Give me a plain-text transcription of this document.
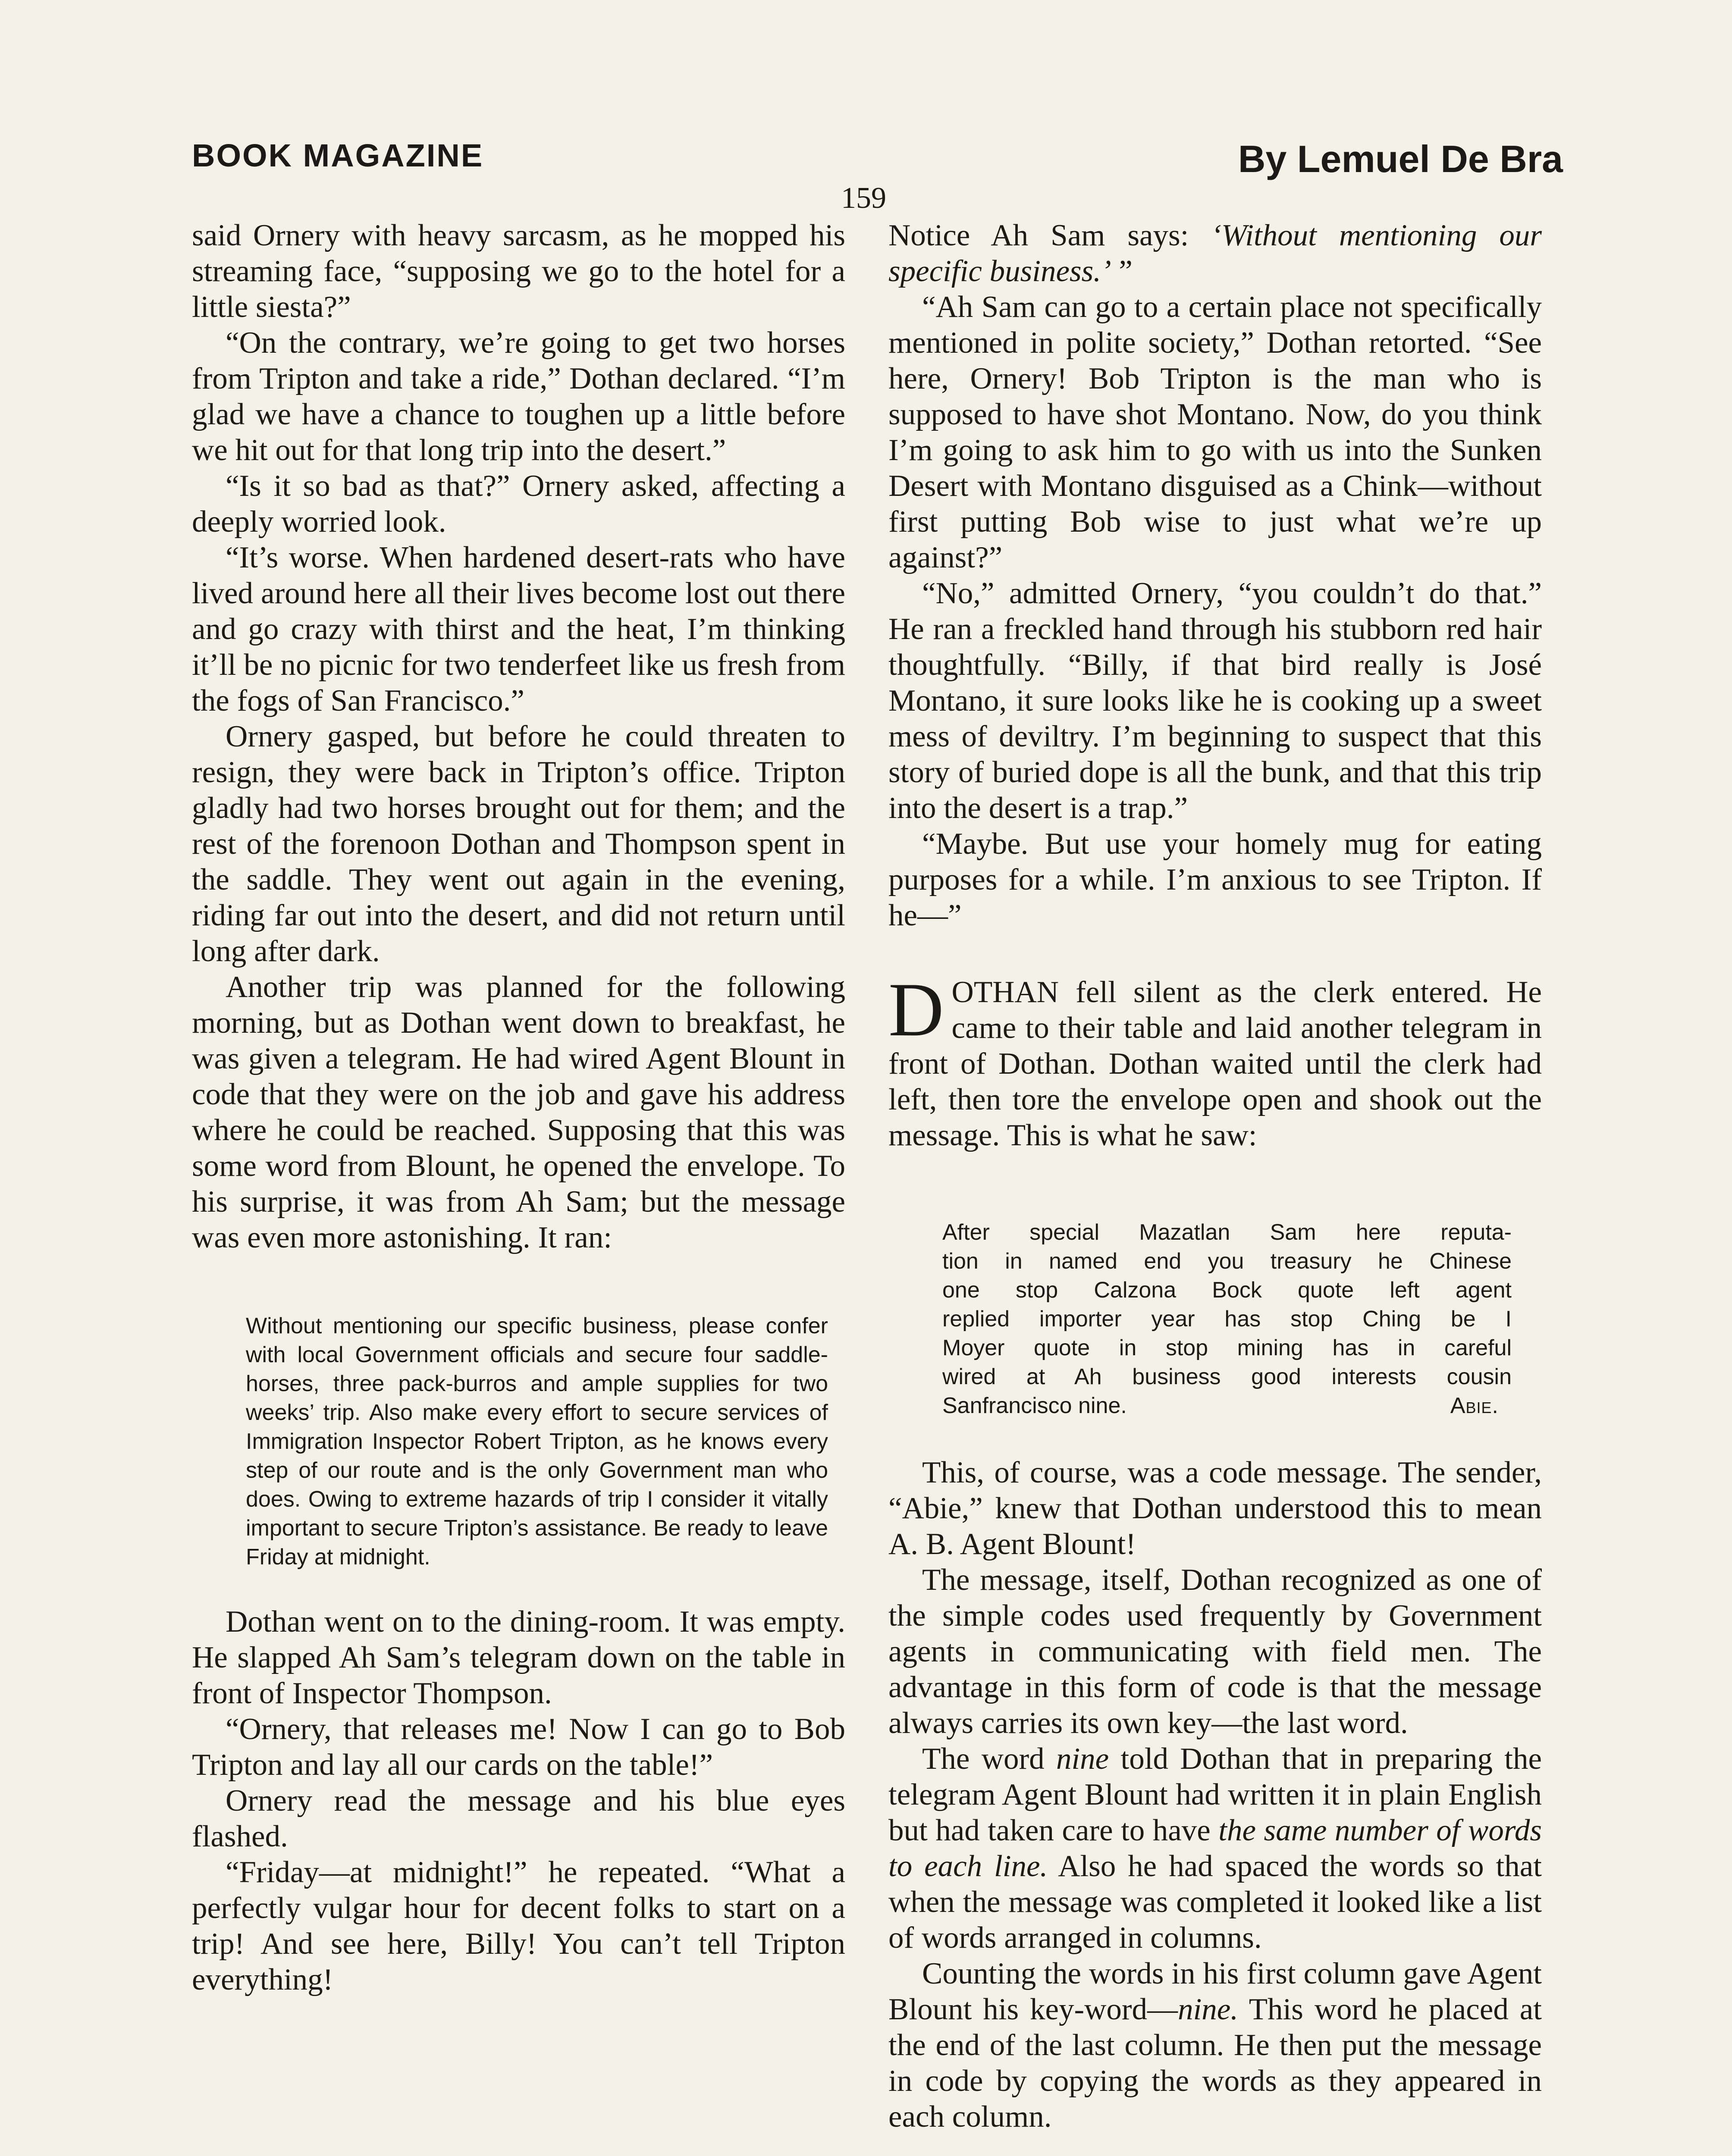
BOOK MAGAZINE	By Lemuel De Bra
159

said Ornery with heavy sarcasm, as he mopped his streaming face, “supposing we go to the hotel for a little siesta?”

“On the contrary, we’re going to get two horses from Tripton and take a ride,” Dothan declared. “I’m glad we have a chance to toughen up a little before we hit out for that long trip into the desert.”

“Is it so bad as that?” Ornery asked, affecting a deeply worried look.

“It’s worse. When hardened desert-rats who have lived around here all their lives become lost out there and go crazy with thirst and the heat, I’m thinking it’ll be no picnic for two tenderfeet like us fresh from the fogs of San Francisco.”

Ornery gasped, but before he could threaten to resign, they were back in Tripton’s office. Tripton gladly had two horses brought out for them; and the rest of the forenoon Dothan and Thompson spent in the saddle. They went out again in the evening, riding far out into the desert, and did not return until long after dark.

Another trip was planned for the following morning, but as Dothan went down to breakfast, he was given a telegram. He had wired Agent Blount in code that they were on the job and gave his address where he could be reached. Supposing that this was some word from Blount, he opened the envelope. To his surprise, it was from Ah Sam; but the message was even more astonishing. It ran:

Without mentioning our specific business, please confer with local Government officials and secure four saddle-horses, three pack-burros and ample supplies for two weeks’ trip. Also make every effort to secure services of Immigration Inspector Robert Tripton, as he knows every step of our route and is the only Government man who does. Owing to extreme hazards of trip I consider it vitally important to secure Tripton’s assistance. Be ready to leave Friday at midnight.

Dothan went on to the dining-room. It was empty. He slapped Ah Sam’s telegram down on the table in front of Inspector Thompson.

“Ornery, that releases me! Now I can go to Bob Tripton and lay all our cards on the table!”

Ornery read the message and his blue eyes flashed.

“Friday—at midnight!” he repeated. “What a perfectly vulgar hour for decent folks to start on a trip! And see here, Billy! You can’t tell Tripton everything!

Notice Ah Sam says: ‘Without mentioning our specific business.’ ”

“Ah Sam can go to a certain place not specifically mentioned in polite society,” Dothan retorted. “See here, Ornery! Bob Tripton is the man who is supposed to have shot Montano. Now, do you think I’m going to ask him to go with us into the Sunken Desert with Montano disguised as a Chink—without first putting Bob wise to just what we’re up against?”

“No,” admitted Ornery, “you couldn’t do that.” He ran a freckled hand through his stubborn red hair thoughtfully. “Billy, if that bird really is José Montano, it sure looks like he is cooking up a sweet mess of deviltry. I’m beginning to suspect that this story of buried dope is all the bunk, and that this trip into the desert is a trap.”

“Maybe. But use your homely mug for eating purposes for a while. I’m anxious to see Tripton. If he—”

DOTHAN fell silent as the clerk entered. He came to their table and laid another telegram in front of Dothan. Dothan waited until the clerk had left, then tore the envelope open and shook out the message. This is what he saw:

After special Mazatlan Sam here reputa-
tion in named end you treasury he Chinese
one stop Calzona Bock quote left agent
replied importer year has stop Ching be I
Moyer quote in stop mining has in careful
wired at Ah business good interests cousin
Sanfrancisco nine.	Abie.

This, of course, was a code message. The sender, “Abie,” knew that Dothan understood this to mean A. B. Agent Blount!

The message, itself, Dothan recognized as one of the simple codes used frequently by Government agents in communicating with field men. The advantage in this form of code is that the message always carries its own key—the last word.

The word nine told Dothan that in preparing the telegram Agent Blount had written it in plain English but had taken care to have the same number of words to each line. Also he had spaced the words so that when the message was completed it looked like a list of words arranged in columns.

Counting the words in his first column gave Agent Blount his key-word—nine. This word he placed at the end of the last column. He then put the message in code by copying the words as they appeared in each column.
